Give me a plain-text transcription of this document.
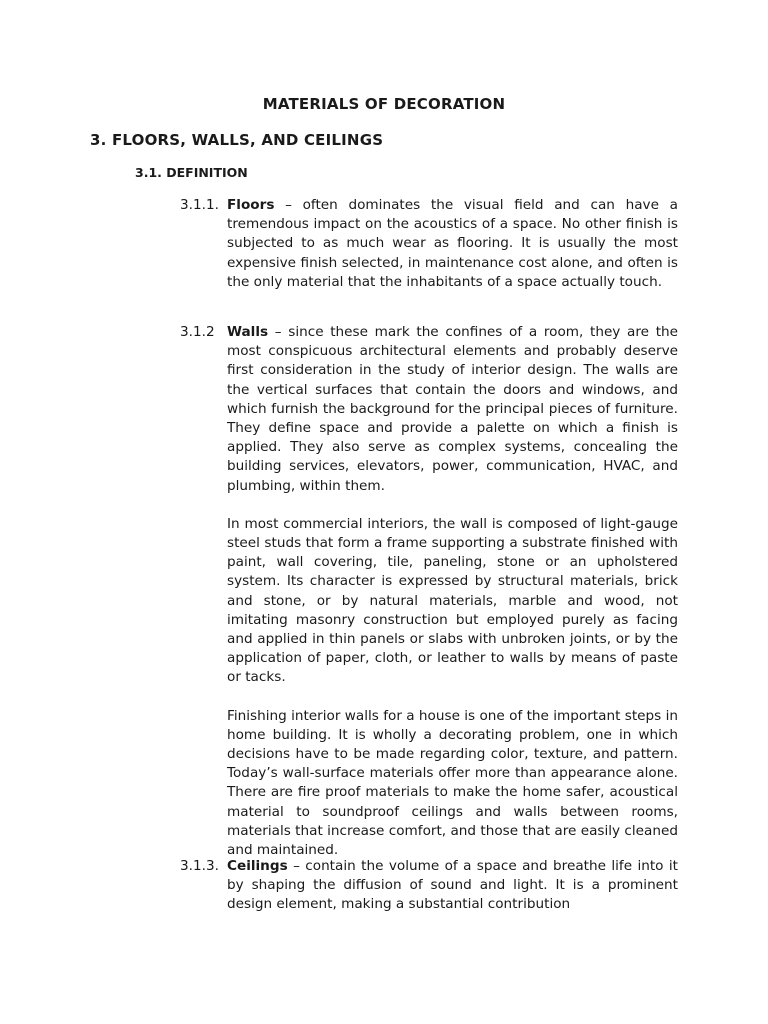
MATERIALS OF DECORATION
3. FLOORS, WALLS, AND CEILINGS
3.1. DEFINITION
3.1.1. Floors – often dominates the visual field and can have a tremendous impact on the acoustics of a space. No other finish is subjected to as much wear as flooring. It is usually the most expensive finish selected, in maintenance cost alone, and often is the only material that the inhabitants of a space actually touch.
3.1.2 Walls – since these mark the confines of a room, they are the most conspicuous architectural elements and probably deserve first consideration in the study of interior design. The walls are the vertical surfaces that contain the doors and windows, and which furnish the background for the principal pieces of furniture. They define space and provide a palette on which a finish is applied. They also serve as complex systems, concealing the building services, elevators, power, communication, HVAC, and plumbing, within them.
In most commercial interiors, the wall is composed of light-gauge steel studs that form a frame supporting a substrate finished with paint, wall covering, tile, paneling, stone or an upholstered system. Its character is expressed by structural materials, brick and stone, or by natural materials, marble and wood, not imitating masonry construction but employed purely as facing and applied in thin panels or slabs with unbroken joints, or by the application of paper, cloth, or leather to walls by means of paste or tacks.
Finishing interior walls for a house is one of the important steps in home building. It is wholly a decorating problem, one in which decisions have to be made regarding color, texture, and pattern. Today’s wall-surface materials offer more than appearance alone. There are fire proof materials to make the home safer, acoustical material to soundproof ceilings and walls between rooms, materials that increase comfort, and those that are easily cleaned and maintained.
3.1.3. Ceilings – contain the volume of a space and breathe life into it by shaping the diffusion of sound and light. It is a prominent design element, making a substantial contribution
